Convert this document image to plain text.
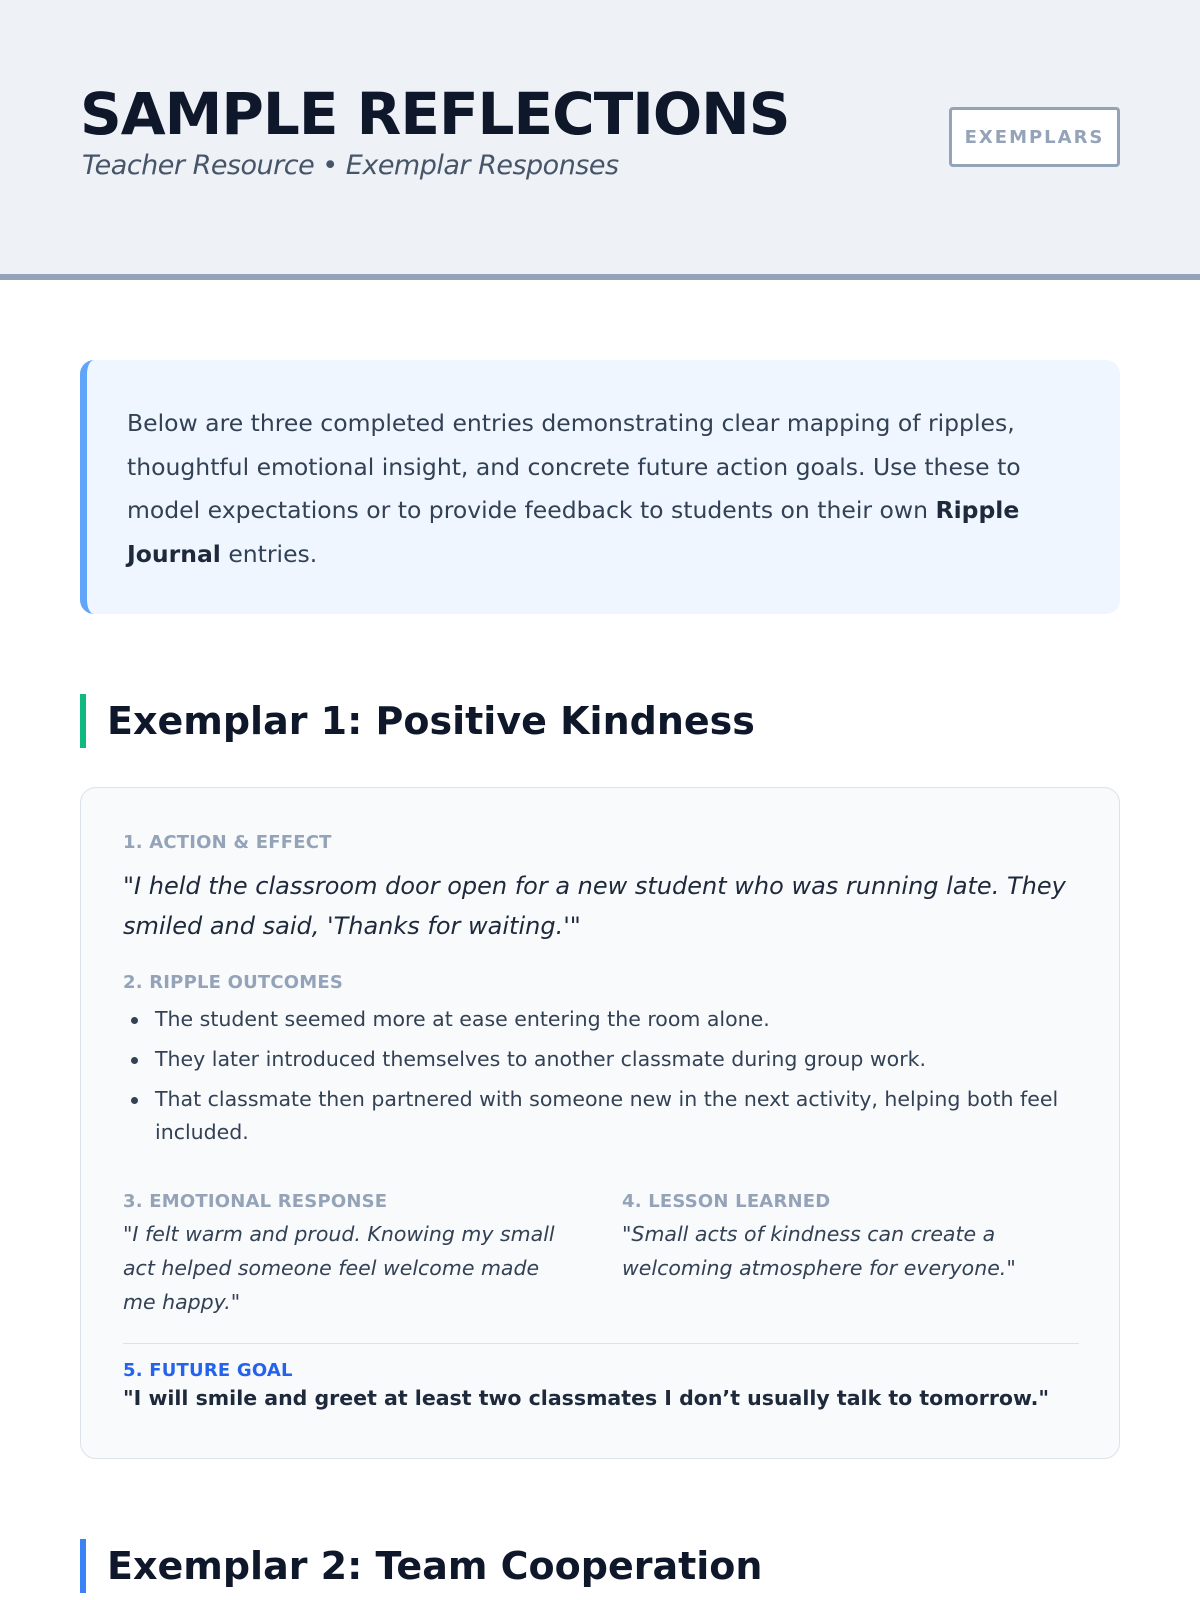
SAMPLE REFLECTIONS
Teacher Resource • Exemplar Responses
EXEMPLARS
Below are three completed entries demonstrating clear mapping of ripples, thoughtful emotional insight, and concrete future action goals. Use these to model expectations or to provide feedback to students on their own Ripple Journal entries.
Exemplar 1: Positive Kindness
1. ACTION & EFFECT
"I held the classroom door open for a new student who was running late. They smiled and said, 'Thanks for waiting.'"
2. RIPPLE OUTCOMES
The student seemed more at ease entering the room alone.
They later introduced themselves to another classmate during group work.
That classmate then partnered with someone new in the next activity, helping both feel included.
3. EMOTIONAL RESPONSE
"I felt warm and proud. Knowing my small act helped someone feel welcome made me happy."
4. LESSON LEARNED
"Small acts of kindness can create a welcoming atmosphere for everyone."
5. FUTURE GOAL
"I will smile and greet at least two classmates I don’t usually talk to tomorrow."
Exemplar 2: Team Cooperation
